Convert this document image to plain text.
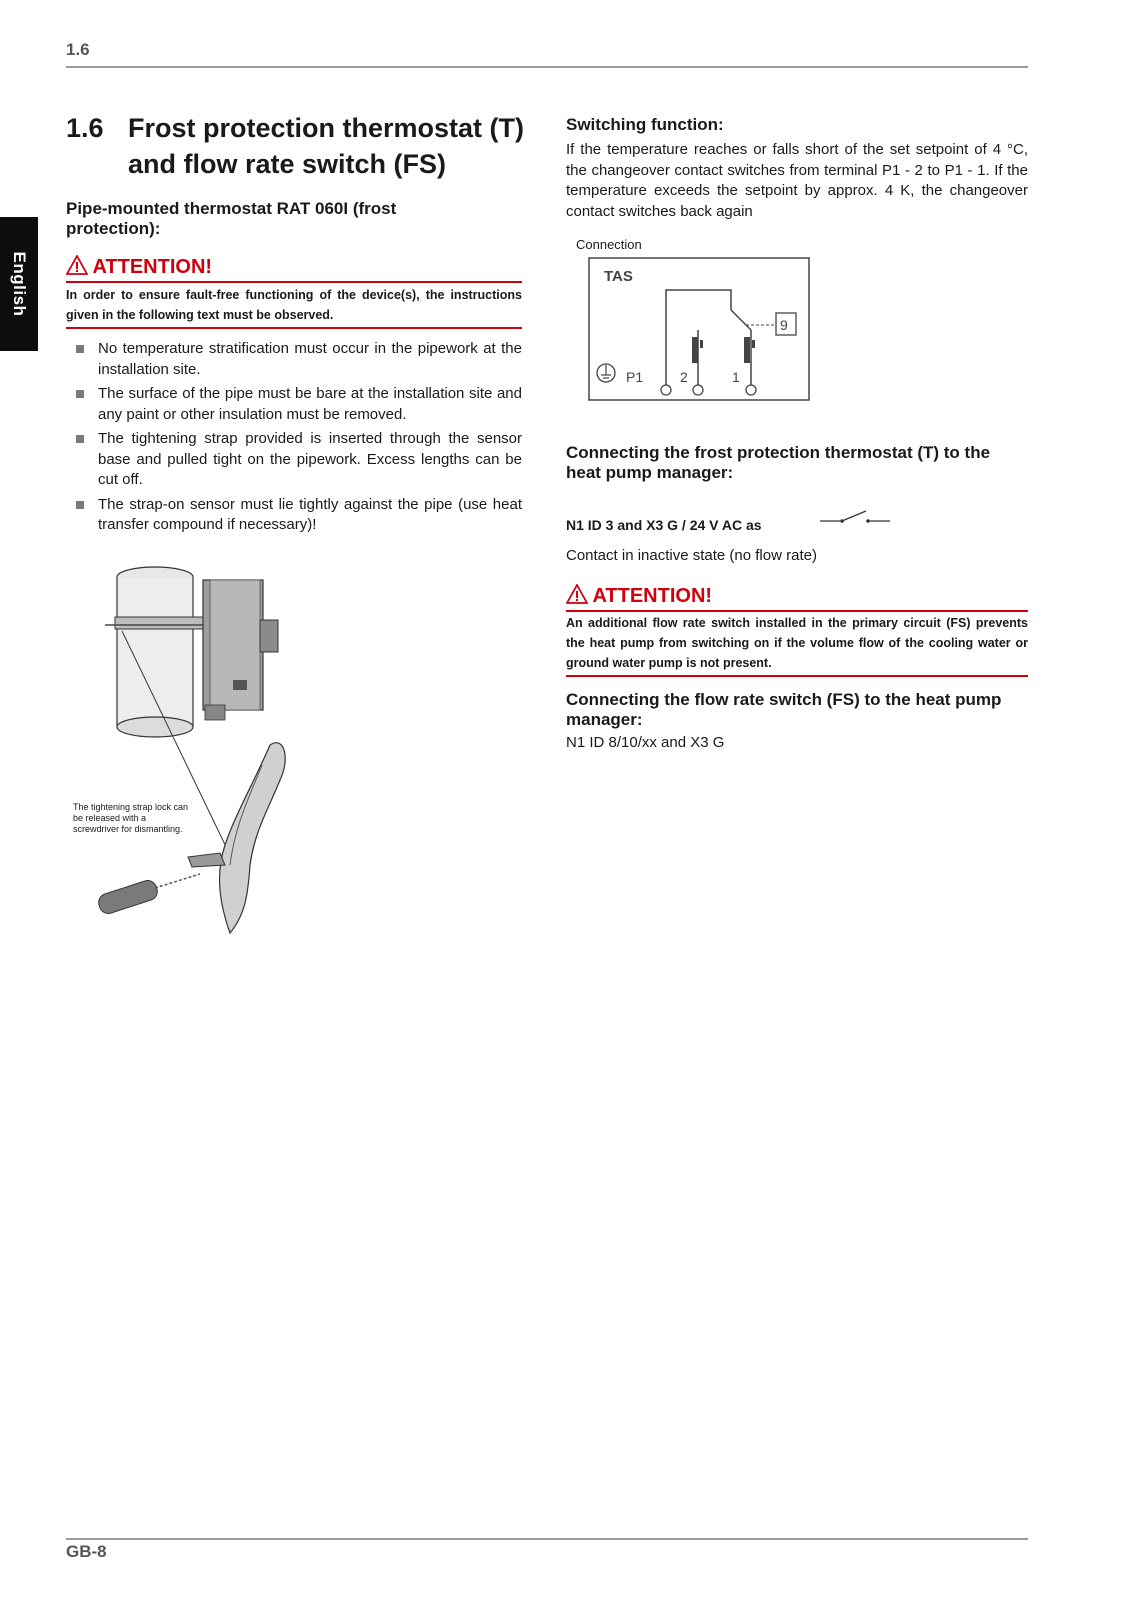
1.6
English
1.6 Frost protection thermostat (T) and flow rate switch (FS)
Pipe-mounted thermostat RAT 060I (frost protection):
ATTENTION!
In order to ensure fault-free functioning of the device(s), the instructions given in the following text must be observed.
No temperature stratification must occur in the pipework at the installation site.
The surface of the pipe must be bare at the installation site and any paint or other insulation must be removed.
The tightening strap provided is inserted through the sensor base and pulled tight on the pipework. Excess lengths can be cut off.
The strap-on sensor must lie tightly against the pipe (use heat transfer compound if necessary)!
The tightening strap lock can be released with a screwdriver for dismantling.
Switching function:
If the temperature reaches or falls short of the set setpoint of 4 °C, the changeover contact switches from terminal P1 - 2 to P1 - 1. If the temperature exceeds the setpoint by approx. 4 K, the changeover contact switches back again
Connection
TAS
9
P1	2	1
Connecting the frost protection thermostat (T) to the heat pump manager:
N1 ID 3 and X3 G / 24 V AC as
Contact in inactive state (no flow rate)
ATTENTION!
An additional flow rate switch installed in the primary circuit (FS) prevents the heat pump from switching on if the volume flow of the cooling water or ground water pump is not present.
Connecting the flow rate switch (FS) to the heat pump manager:
N1 ID 8/10/xx and X3 G
GB-8
